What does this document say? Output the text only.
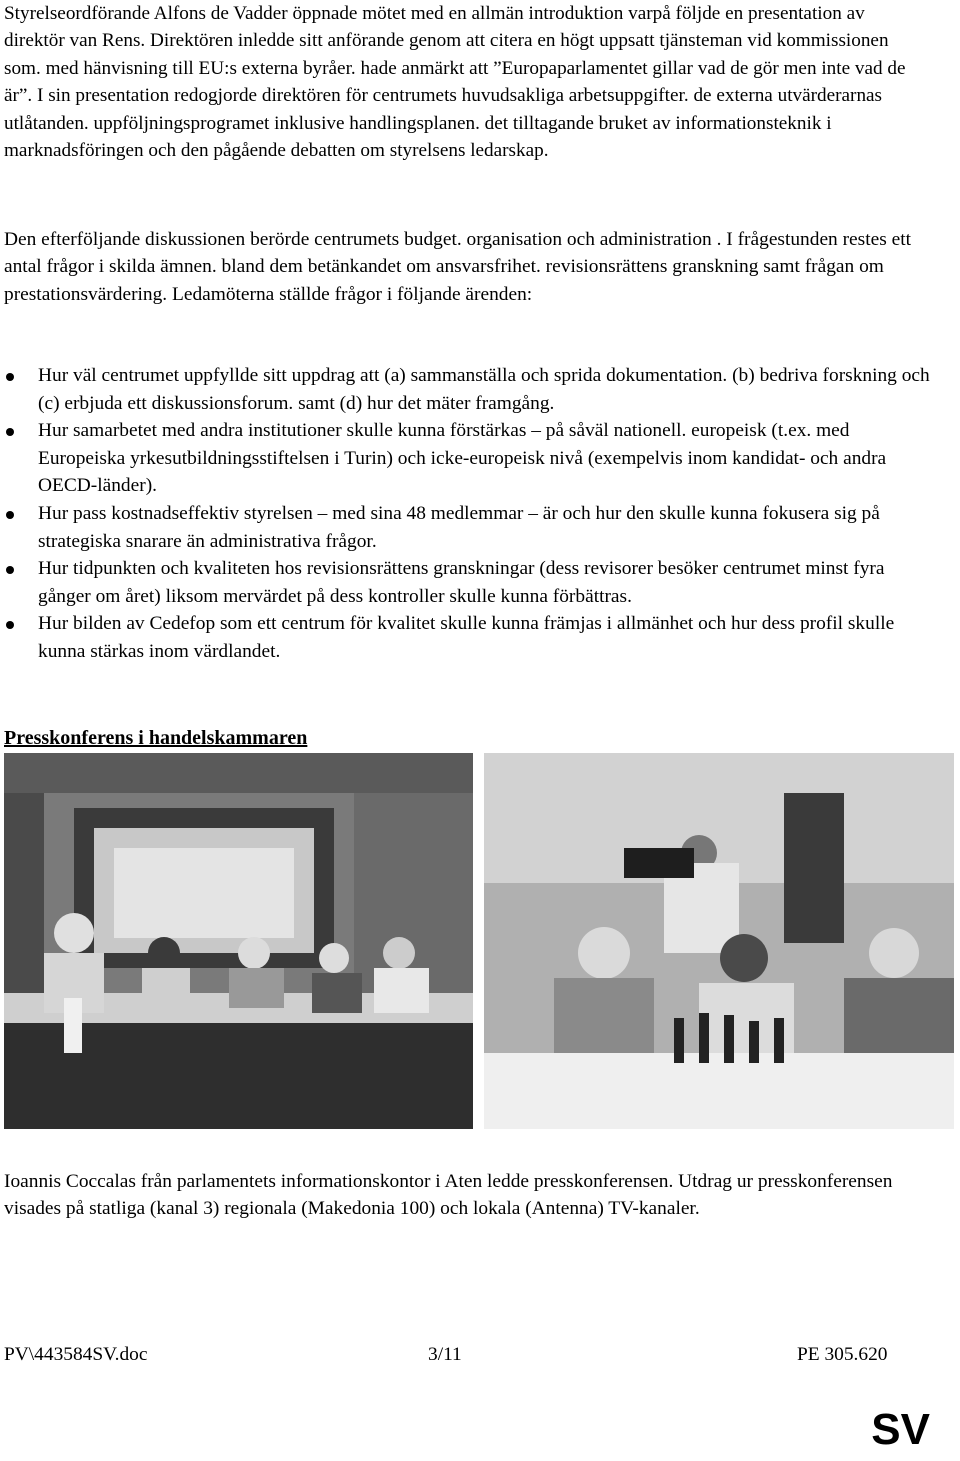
Styrelseordförande Alfons de Vadder öppnade mötet med en allmän introduktion varpå följde en presentation av direktör van Rens. Direktören inledde sitt anförande genom att citera en högt uppsatt tjänsteman vid kommissionen som. med hänvisning till EU:s externa byråer. hade anmärkt att ”Europaparlamentet gillar vad de gör men inte vad de är”. I sin presentation redogjorde direktören för centrumets huvudsakliga arbetsuppgifter. de externa utvärderarnas utlåtanden. uppföljningsprogramet inklusive handlingsplanen. det tilltagande bruket av informationsteknik i marknadsföringen och den pågående debatten om styrelsens ledarskap.

Den efterföljande diskussionen berörde centrumets budget. organisation och administration . I frågestunden restes ett antal frågor i skilda ämnen. bland dem betänkandet om ansvarsfrihet. revisionsrättens granskning samt frågan om prestationsvärdering. Ledamöterna ställde frågor i följande ärenden:

Hur väl centrumet uppfyllde sitt uppdrag att (a) sammanställa och sprida dokumentation. (b) bedriva forskning och (c) erbjuda ett diskussionsforum. samt (d) hur det mäter framgång.
Hur samarbetet med andra institutioner skulle kunna förstärkas – på såväl nationell. europeisk (t.ex. med Europeiska yrkesutbildningsstiftelsen i Turin) och icke-europeisk nivå (exempelvis inom kandidat- och andra OECD-länder).
Hur pass kostnadseffektiv styrelsen – med sina 48 medlemmar – är och hur den skulle kunna fokusera sig på strategiska snarare än administrativa frågor.
Hur tidpunkten och kvaliteten hos revisionsrättens granskningar (dess revisorer besöker centrumet minst fyra gånger om året) liksom mervärdet på dess kontroller skulle kunna förbättras.
Hur bilden av Cedefop som ett centrum för kvalitet skulle kunna främjas i allmänhet och hur dess profil skulle kunna stärkas inom värdlandet.
Presskonferens i handelskammaren

Ioannis Coccalas från parlamentets informationskontor i Aten ledde presskonferensen. Utdrag ur presskonferensen visades på statliga (kanal 3) regionala (Makedonia 100) och lokala (Antenna) TV-kanaler.

PV\443584SV.doc	3/11	PE 305.620

SV
